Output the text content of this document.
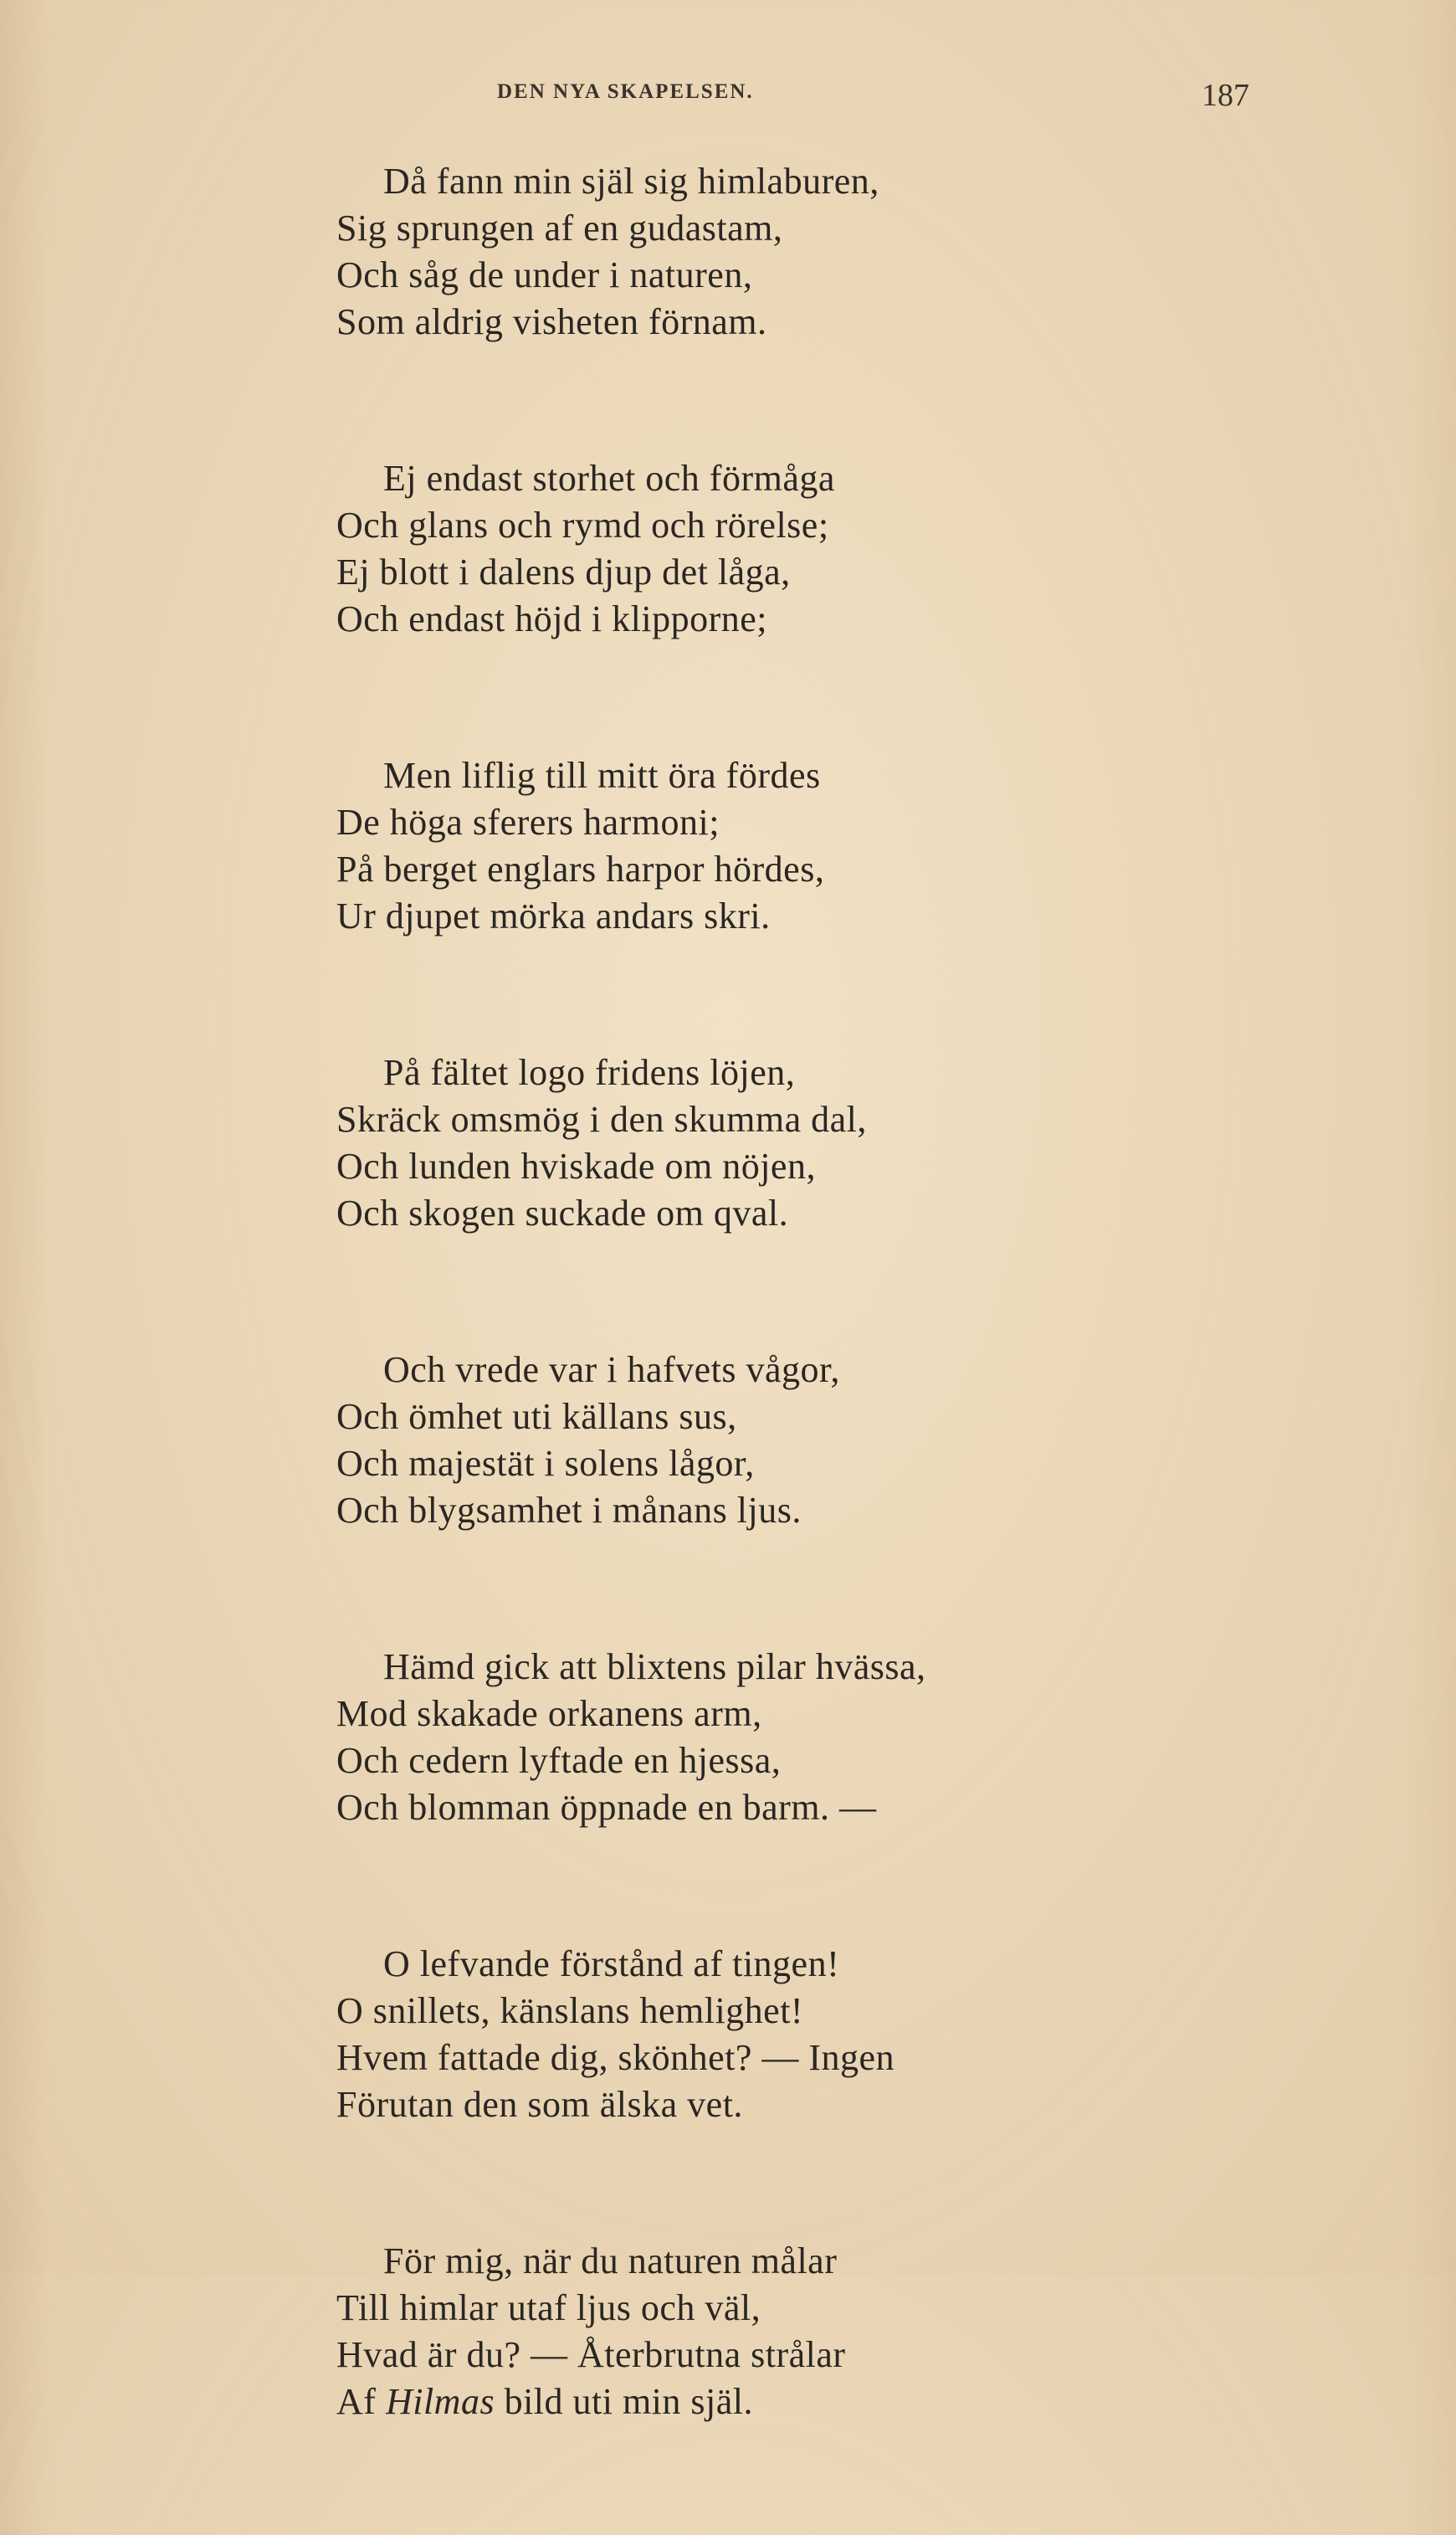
DEN NYA SKAPELSEN.	187
Då fann min själ sig himlaburen,
Sig sprungen af en gudastam,
Och såg de under i naturen,
Som aldrig visheten förnam.
Ej endast storhet och förmåga
Och glans och rymd och rörelse;
Ej blott i dalens djup det låga,
Och endast höjd i klipporne;
Men liflig till mitt öra fördes
De höga sferers harmoni;
På berget englars harpor hördes,
Ur djupet mörka andars skri.
På fältet logo fridens löjen,
Skräck omsmög i den skumma dal,
Och lunden hviskade om nöjen,
Och skogen suckade om qval.
Och vrede var i hafvets vågor,
Och ömhet uti källans sus,
Och majestät i solens lågor,
Och blygsamhet i månans ljus.
Hämd gick att blixtens pilar hvässa,
Mod skakade orkanens arm,
Och cedern lyftade en hjessa,
Och blomman öppnade en barm. —
O lefvande förstånd af tingen!
O snillets, känslans hemlighet!
Hvem fattade dig, skönhet? — Ingen
Förutan den som älska vet.
För mig, när du naturen målar
Till himlar utaf ljus och väl,
Hvad är du? — Återbrutna strålar
Af Hilmas bild uti min själ.
